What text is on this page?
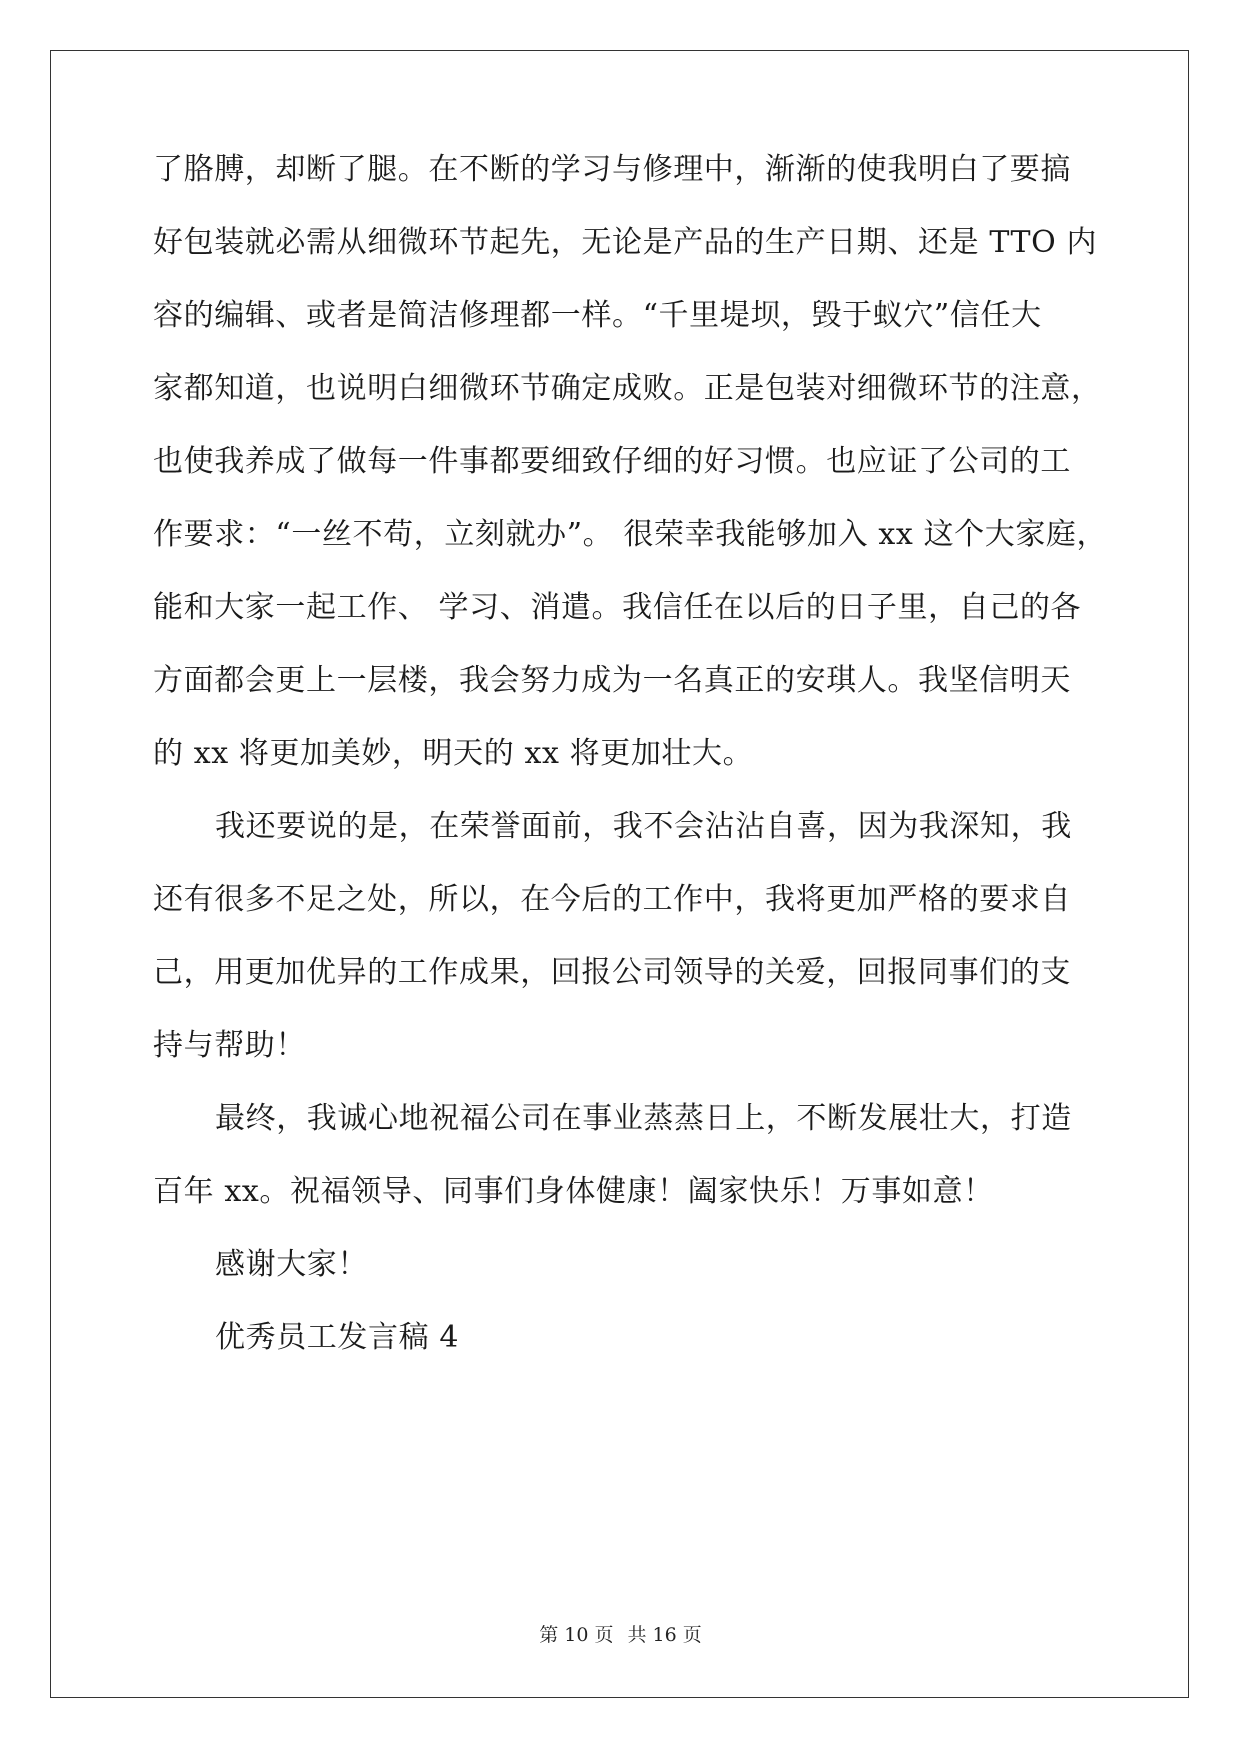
了胳膊，却断了腿。在不断的学习与修理中，渐渐的使我明白了要搞
好包装就必需从细微环节起先，无论是产品的生产日期、还是 TTO 内
容的编辑、或者是简洁修理都一样。“千里堤坝，毁于蚁穴”信任大
家都知道，也说明白细微环节确定成败。正是包装对细微环节的注意，
也使我养成了做每一件事都要细致仔细的好习惯。也应证了公司的工
作要求：“一丝不苟，立刻就办”。 很荣幸我能够加入 xx 这个大家庭，
能和大家一起工作、 学习、消遣。我信任在以后的日子里，自己的各
方面都会更上一层楼，我会努力成为一名真正的安琪人。我坚信明天
的 xx 将更加美妙，明天的 xx 将更加壮大。
我还要说的是，在荣誉面前，我不会沾沾自喜，因为我深知，我
还有很多不足之处，所以，在今后的工作中，我将更加严格的要求自
己，用更加优异的工作成果，回报公司领导的关爱，回报同事们的支
持与帮助！
最终，我诚心地祝福公司在事业蒸蒸日上，不断发展壮大，打造
百年 xx。祝福领导、同事们身体健康！阖家快乐！万事如意！
感谢大家！
优秀员工发言稿 4
第 10 页 共 16 页
